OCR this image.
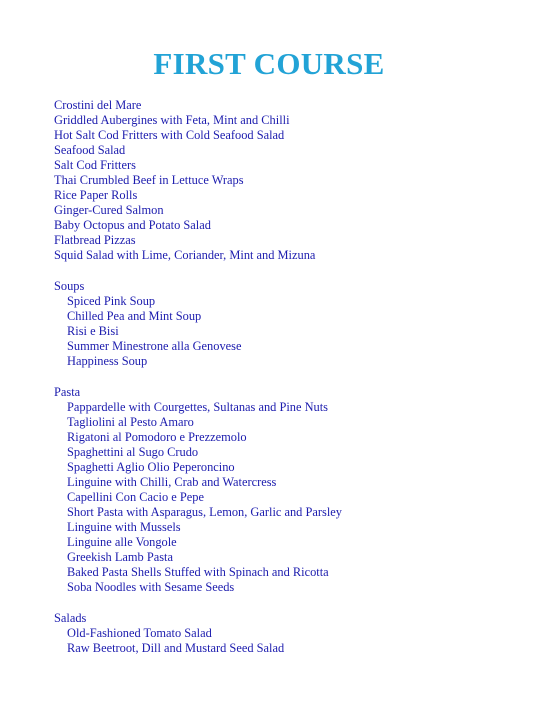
FIRST COURSE
Crostini del Mare
Griddled Aubergines with Feta, Mint and Chilli
Hot Salt Cod Fritters with Cold Seafood Salad
Seafood Salad
Salt Cod Fritters
Thai Crumbled Beef in Lettuce Wraps
Rice Paper Rolls
Ginger-Cured Salmon
Baby Octopus and Potato Salad
Flatbread Pizzas
Squid Salad with Lime, Coriander, Mint and Mizuna
Soups
Spiced Pink Soup
Chilled Pea and Mint Soup
Risi e Bisi
Summer Minestrone alla Genovese
Happiness Soup
Pasta
Pappardelle with Courgettes, Sultanas and Pine Nuts
Tagliolini al Pesto Amaro
Rigatoni al Pomodoro e Prezzemolo
Spaghettini al Sugo Crudo
Spaghetti Aglio Olio Peperoncino
Linguine with Chilli, Crab and Watercress
Capellini Con Cacio e Pepe
Short Pasta with Asparagus, Lemon, Garlic and Parsley
Linguine with Mussels
Linguine alle Vongole
Greekish Lamb Pasta
Baked Pasta Shells Stuffed with Spinach and Ricotta
Soba Noodles with Sesame Seeds
Salads
Old-Fashioned Tomato Salad
Raw Beetroot, Dill and Mustard Seed Salad
